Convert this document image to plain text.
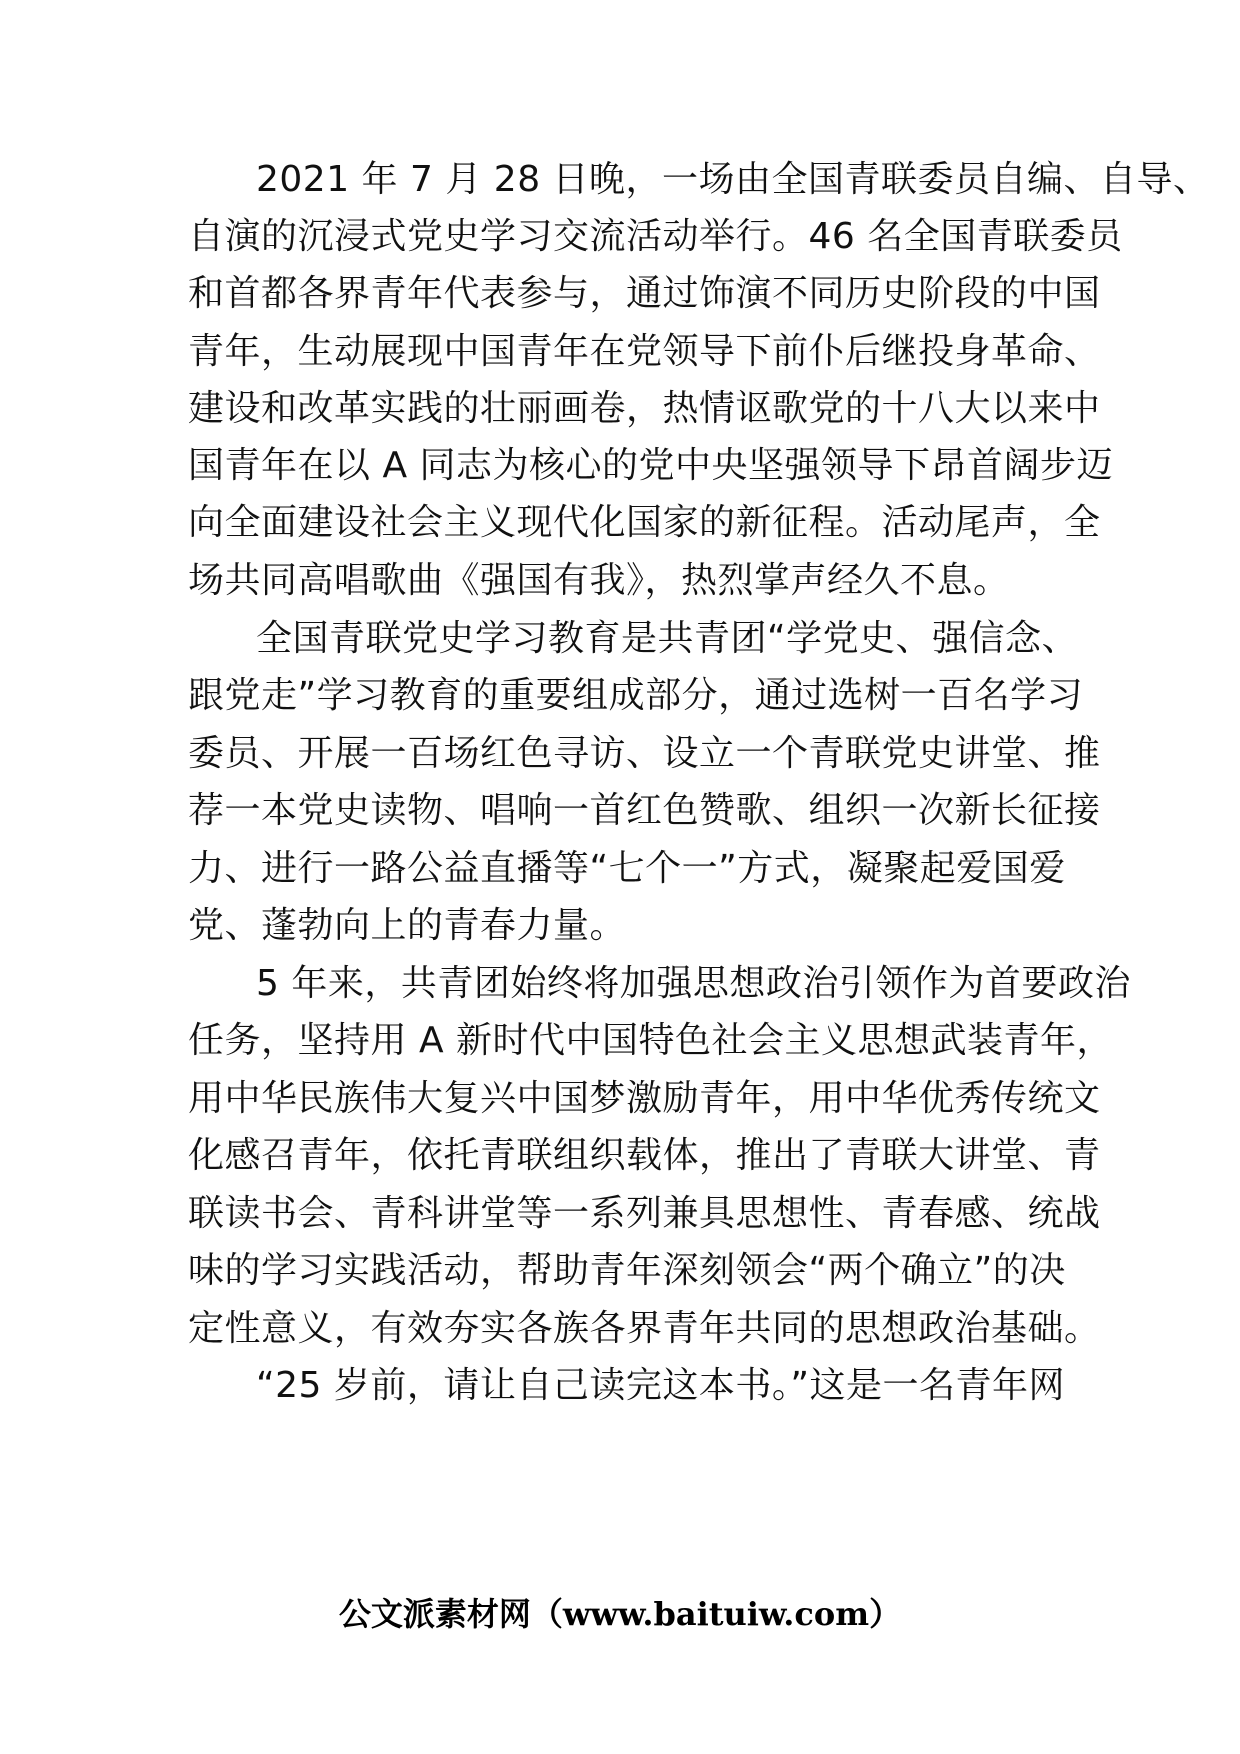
2021 年 7 月 28 日晚，一场由全国青联委员自编、自导、
自演的沉浸式党史学习交流活动举行。46 名全国青联委员
和首都各界青年代表参与，通过饰演不同历史阶段的中国
青年，生动展现中国青年在党领导下前仆后继投身革命、
建设和改革实践的壮丽画卷，热情讴歌党的十八大以来中
国青年在以 A 同志为核心的党中央坚强领导下昂首阔步迈
向全面建设社会主义现代化国家的新征程。活动尾声，全
场共同高唱歌曲《强国有我》，热烈掌声经久不息。
全国青联党史学习教育是共青团“学党史、强信念、
跟党走”学习教育的重要组成部分，通过选树一百名学习
委员、开展一百场红色寻访、设立一个青联党史讲堂、推
荐一本党史读物、唱响一首红色赞歌、组织一次新长征接
力、进行一路公益直播等“七个一”方式，凝聚起爱国爱
党、蓬勃向上的青春力量。
5 年来，共青团始终将加强思想政治引领作为首要政治
任务，坚持用 A 新时代中国特色社会主义思想武装青年，
用中华民族伟大复兴中国梦激励青年，用中华优秀传统文
化感召青年，依托青联组织载体，推出了青联大讲堂、青
联读书会、青科讲堂等一系列兼具思想性、青春感、统战
味的学习实践活动，帮助青年深刻领会“两个确立”的决
定性意义，有效夯实各族各界青年共同的思想政治基础。
“25 岁前，请让自己读完这本书。”这是一名青年网
公文派素材网（www.baituiw.com）
